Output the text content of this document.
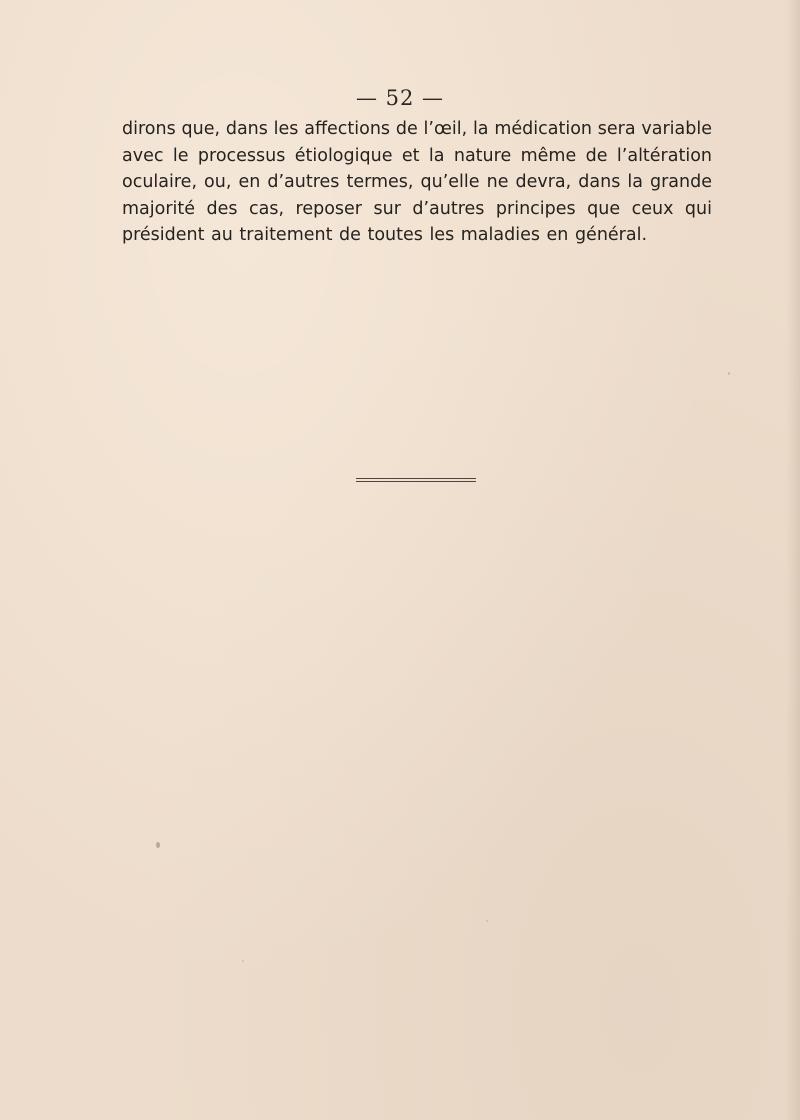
— 52 —
dirons que, dans les affections de l’œil, la médication sera variable
avec le processus étiologique et la nature même de l’altération
oculaire, ou, en d’autres termes, qu’elle ne devra, dans la grande
majorité des cas, reposer sur d’autres principes que ceux qui
président au traitement de toutes les maladies en général.
